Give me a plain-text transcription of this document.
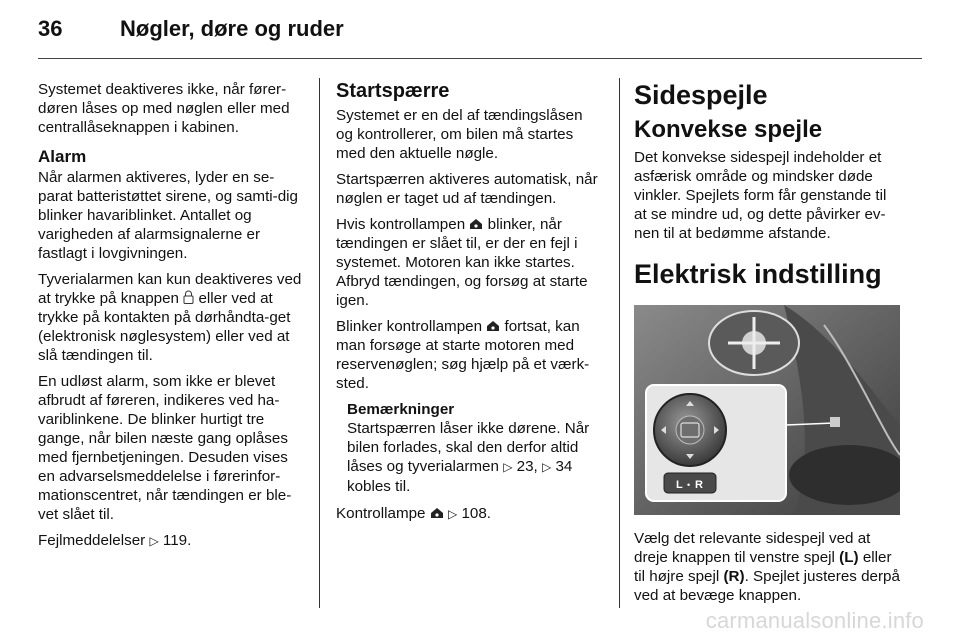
36	Nøgler, døre og ruder

Systemet deaktiveres ikke, når fører-døren låses op med nøglen eller med centrallåseknappen i kabinen.

Alarm

Når alarmen aktiveres, lyder en se-parat batteristøttet sirene, og samti-dig blinker havariblinket. Antallet og varigheden af alarmsignalerne er fastlagt i lovgivningen.

Tyverialarmen kan kun deaktiveres ved at trykke på knappen eller ved at trykke på kontakten på dørhåndta-get (elektronisk nøglesystem) eller ved at slå tændingen til.

En udløst alarm, som ikke er blevet afbrudt af føreren, indikeres ved ha-variblinkene. De blinker hurtigt tre gange, når bilen næste gang oplåses med fjernbetjeningen. Desuden vises en advarselsmeddelelse i førerinfor-mationscentret, når tændingen er ble-vet slået til.

Fejlmeddelelser ▷ 119.

Startspærre

Systemet er en del af tændingslåsen og kontrollerer, om bilen må startes med den aktuelle nøgle.

Startspærren aktiveres automatisk, når nøglen er taget ud af tændingen.

Hvis kontrollampen blinker, når tændingen er slået til, er der en fejl i systemet. Motoren kan ikke startes. Afbryd tændingen, og forsøg at starte igen.

Blinker kontrollampen fortsat, kan man forsøge at starte motoren med reservenøglen; søg hjælp på et værk-sted.

Bemærkninger
Startspærren låser ikke dørene. Når bilen forlades, skal den derfor altid låses og tyverialarmen ▷ 23, ▷ 34 kobles til.

Kontrollampe ▷ 108.

Sidespejle
Konvekse spejle

Det konvekse sidespejl indeholder et asfærisk område og mindsker døde vinkler. Spejlets form får genstande til at se mindre ud, og dette påvirker ev-nen til at bedømme afstande.

Elektrisk indstilling
L • R

Vælg det relevante sidespejl ved at dreje knappen til venstre spejl (L) eller til højre spejl (R). Spejlet justeres derpå ved at bevæge knappen.

carmanualsonline.info
